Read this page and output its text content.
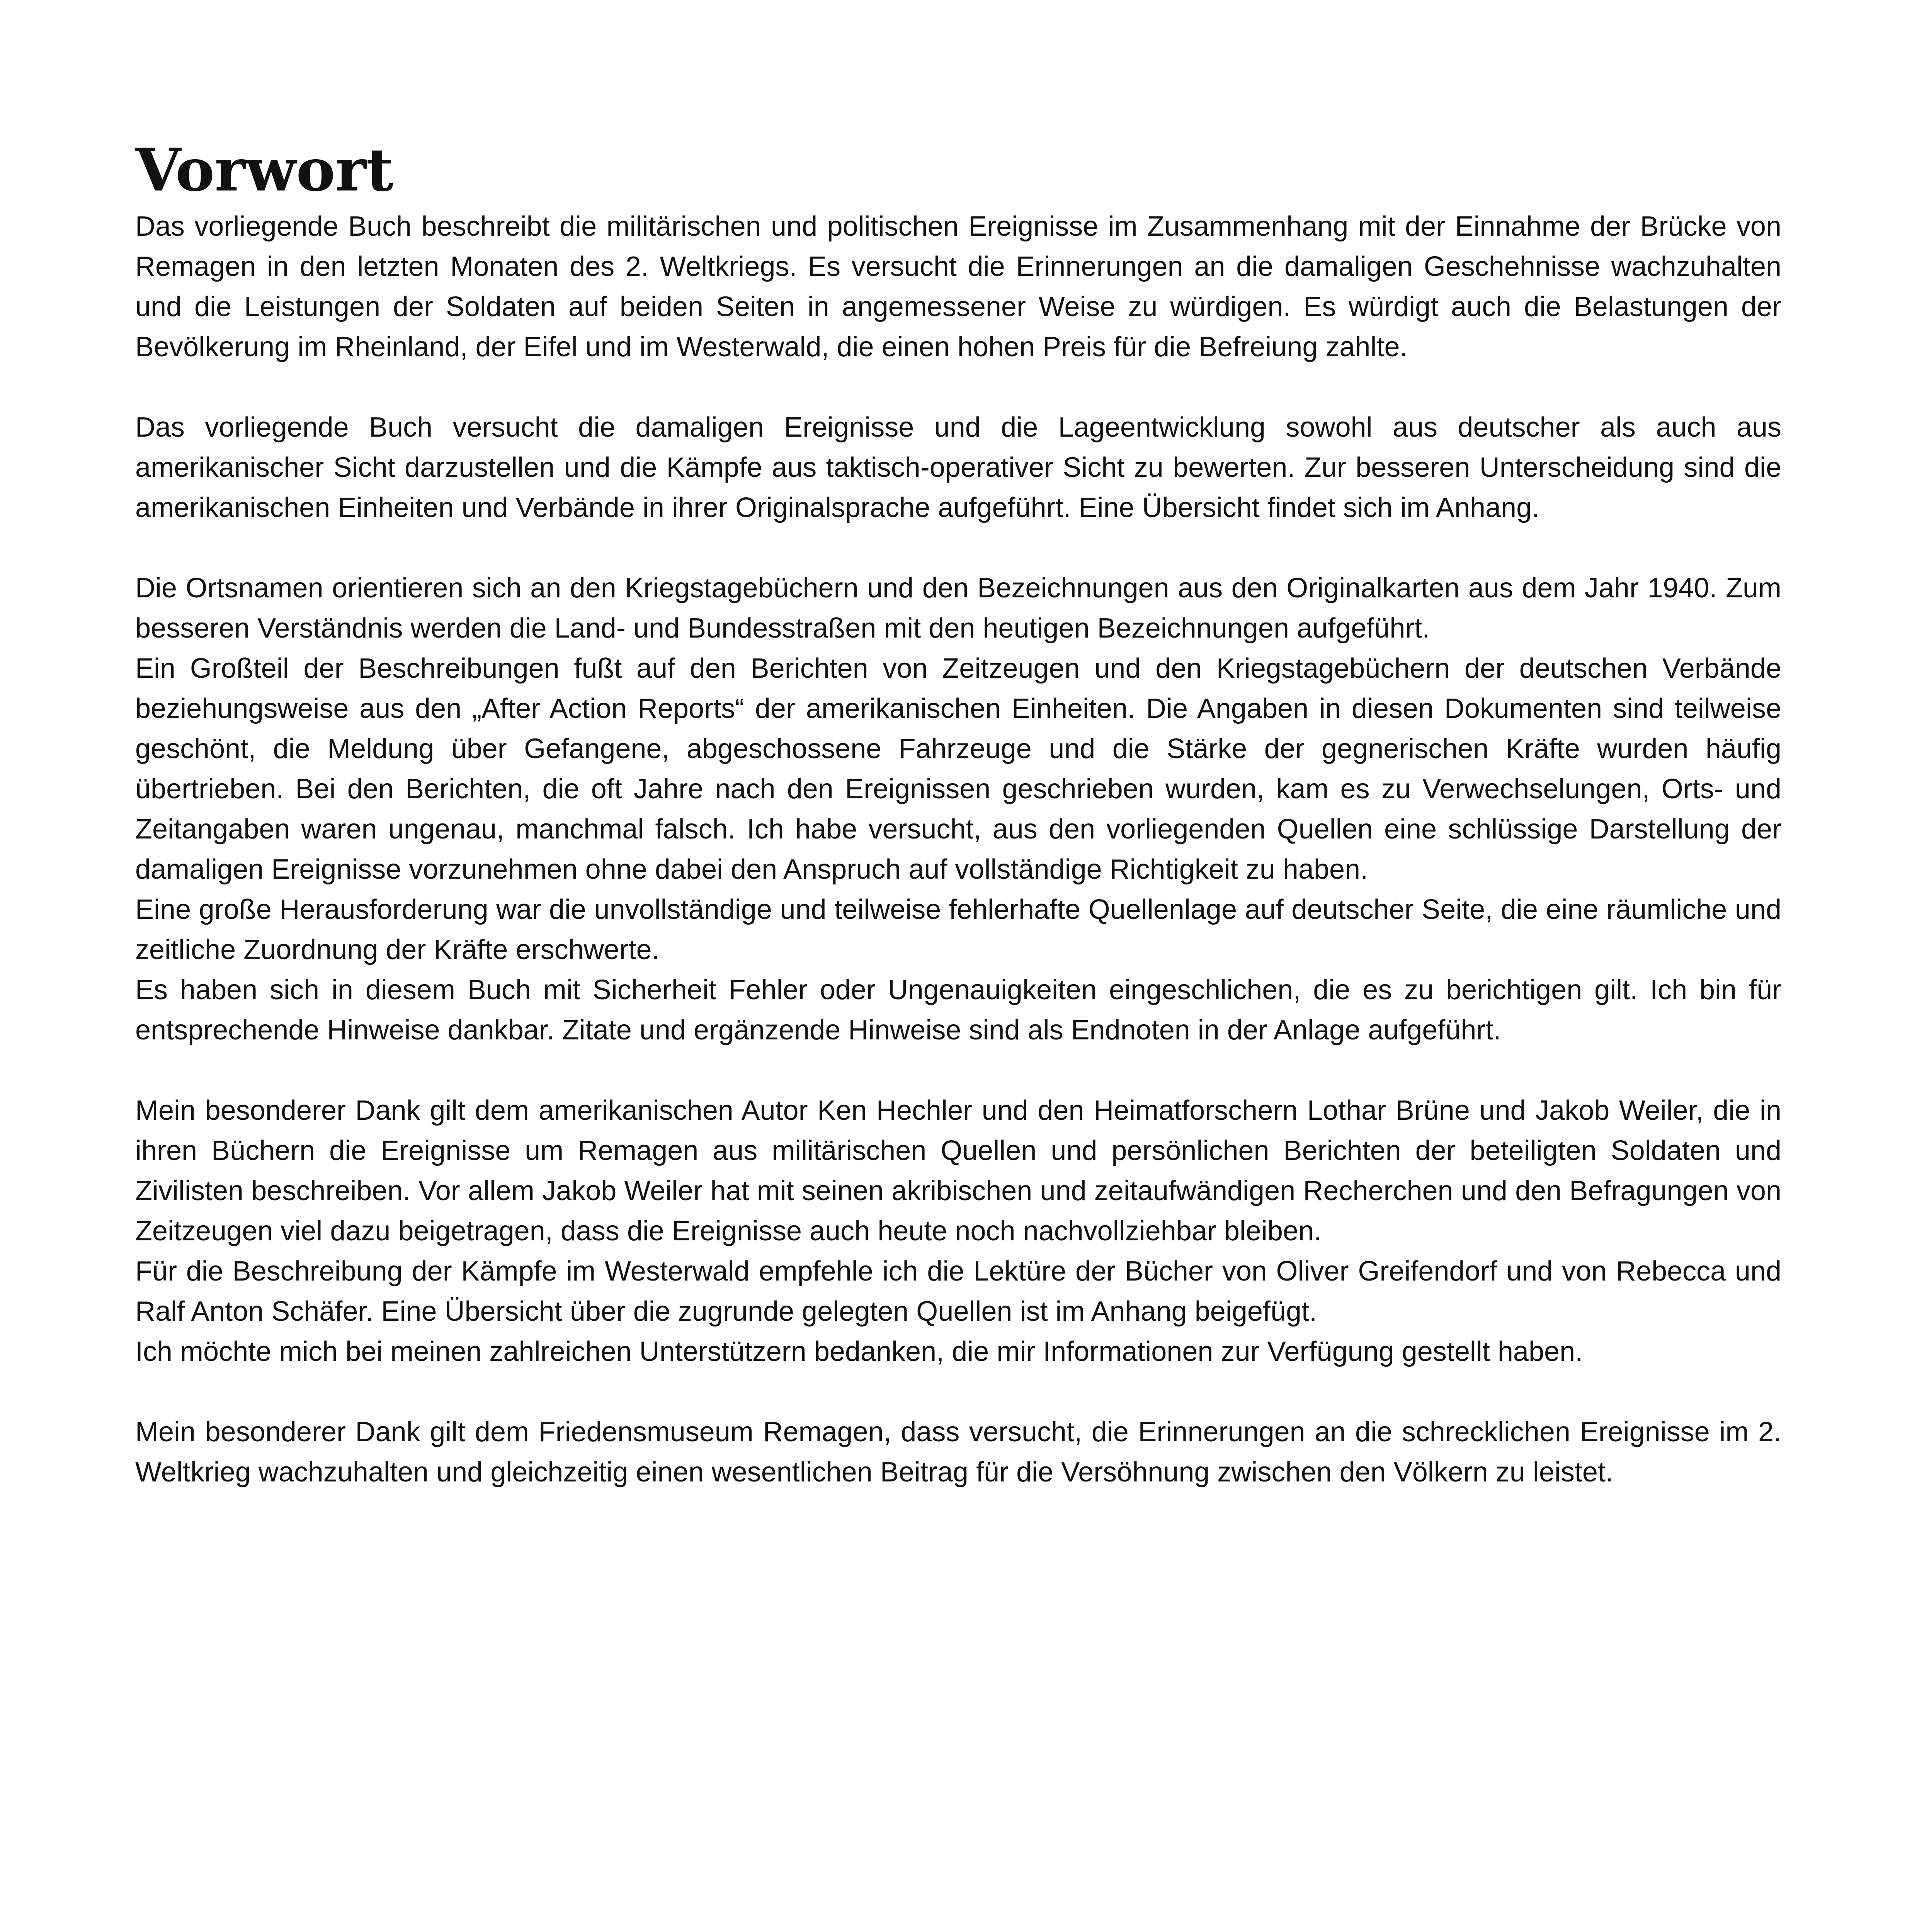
Vorwort

Das vorliegende Buch beschreibt die militärischen und politischen Ereignisse im Zusammenhang mit der Einnahme der Brücke von Remagen in den letzten Monaten des 2. Weltkriegs. Es versucht die Erinnerungen an die damaligen Geschehnisse wachzuhalten und die Leistungen der Soldaten auf beiden Seiten in angemessener Weise zu würdigen. Es würdigt auch die Belastungen der Bevölkerung im Rheinland, der Eifel und im Westerwald, die einen hohen Preis für die Befreiung zahlte.

Das vorliegende Buch versucht die damaligen Ereignisse und die Lageentwicklung sowohl aus deutscher als auch aus amerikanischer Sicht darzustellen und die Kämpfe aus taktisch-operativer Sicht zu bewerten. Zur besseren Unterscheidung sind die amerikanischen Einheiten und Verbände in ihrer Originalsprache aufgeführt. Eine Übersicht findet sich im Anhang.

Die Ortsnamen orientieren sich an den Kriegstagebüchern und den Bezeichnungen aus den Originalkarten aus dem Jahr 1940. Zum besseren Verständnis werden die Land- und Bundesstraßen mit den heutigen Bezeichnungen aufgeführt.
Ein Großteil der Beschreibungen fußt auf den Berichten von Zeitzeugen und den Kriegstagebüchern der deutschen Verbände beziehungsweise aus den „After Action Reports“ der amerikanischen Einheiten. Die Angaben in diesen Dokumenten sind teilweise geschönt, die Meldung über Gefangene, abgeschossene Fahrzeuge und die Stärke der gegnerischen Kräfte wurden häufig übertrieben. Bei den Berichten, die oft Jahre nach den Ereignissen geschrieben wurden, kam es zu Verwechselungen, Orts- und Zeitangaben waren ungenau, manchmal falsch. Ich habe versucht, aus den vorliegenden Quellen eine schlüssige Darstellung der damaligen Ereignisse vorzunehmen ohne dabei den Anspruch auf vollständige Richtigkeit zu haben.
Eine große Herausforderung war die unvollständige und teilweise fehlerhafte Quellenlage auf deutscher Seite, die eine räumliche und zeitliche Zuordnung der Kräfte erschwerte.
Es haben sich in diesem Buch mit Sicherheit Fehler oder Ungenauigkeiten eingeschlichen, die es zu berichtigen gilt. Ich bin für entsprechende Hinweise dankbar. Zitate und ergänzende Hinweise sind als Endnoten in der Anlage aufgeführt.

Mein besonderer Dank gilt dem amerikanischen Autor Ken Hechler und den Heimatforschern Lothar Brüne und Jakob Weiler, die in ihren Büchern die Ereignisse um Remagen aus militärischen Quellen und persönlichen Berichten der beteiligten Soldaten und Zivilisten beschreiben. Vor allem Jakob Weiler hat mit seinen akribischen und zeitaufwändigen Recherchen und den Befragungen von Zeitzeugen viel dazu beigetragen, dass die Ereignisse auch heute noch nachvollziehbar bleiben.
Für die Beschreibung der Kämpfe im Westerwald empfehle ich die Lektüre der Bücher von Oliver Greifendorf und von Rebecca und Ralf Anton Schäfer. Eine Übersicht über die zugrunde gelegten Quellen ist im Anhang beigefügt.
Ich möchte mich bei meinen zahlreichen Unterstützern bedanken, die mir Informationen zur Verfügung gestellt haben.

Mein besonderer Dank gilt dem Friedensmuseum Remagen, dass versucht, die Erinnerungen an die schrecklichen Ereignisse im 2. Weltkrieg wachzuhalten und gleichzeitig einen wesentlichen Beitrag für die Versöhnung zwischen den Völkern zu leistet.
